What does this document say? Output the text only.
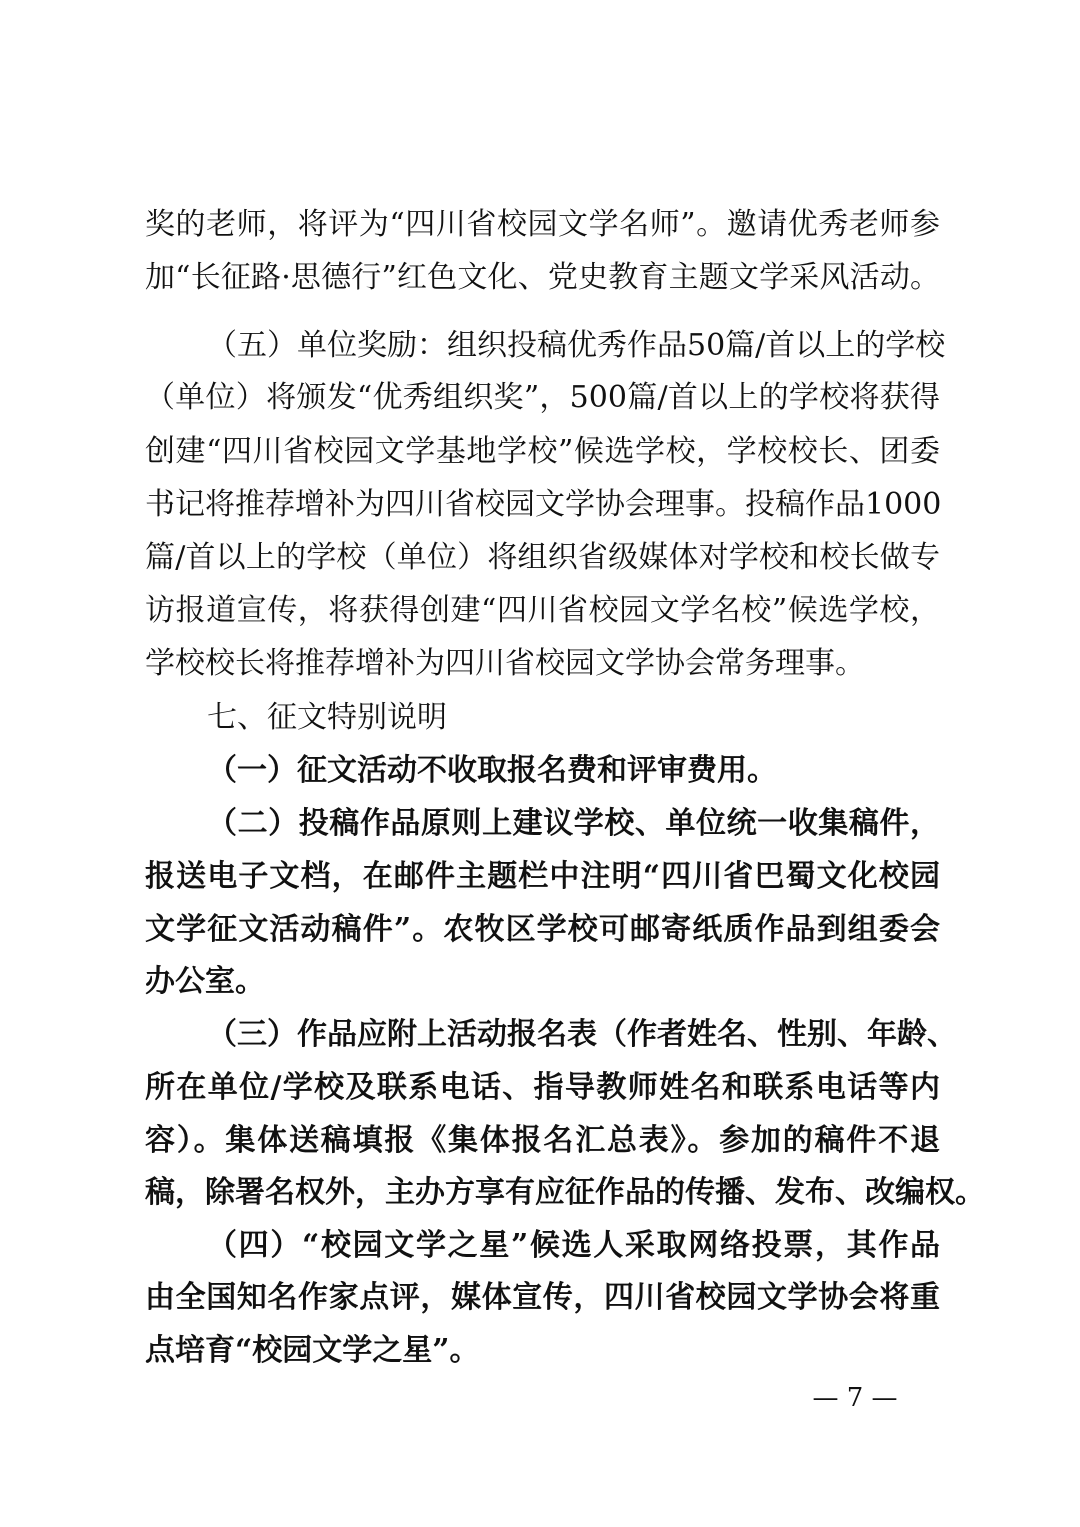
奖的老师，将评为“四川省校园文学名师”。邀请优秀老师参
加“长征路·思德行”红色文化、党史教育主题文学采风活动。
（五）单位奖励：组织投稿优秀作品50篇/首以上的学校
（单位）将颁发“优秀组织奖”，500篇/首以上的学校将获得
创建“四川省校园文学基地学校”候选学校，学校校长、团委
书记将推荐增补为四川省校园文学协会理事。投稿作品1000
篇/首以上的学校（单位）将组织省级媒体对学校和校长做专
访报道宣传，将获得创建“四川省校园文学名校”候选学校，
学校校长将推荐增补为四川省校园文学协会常务理事。
七、征文特别说明
（一）征文活动不收取报名费和评审费用。
（二）投稿作品原则上建议学校、单位统一收集稿件，
报送电子文档，在邮件主题栏中注明“四川省巴蜀文化校园
文学征文活动稿件”。农牧区学校可邮寄纸质作品到组委会
办公室。
（三）作品应附上活动报名表（作者姓名、性别、年龄、
所在单位/学校及联系电话、指导教师姓名和联系电话等内
容）。集体送稿填报《集体报名汇总表》。参加的稿件不退
稿，除署名权外，主办方享有应征作品的传播、发布、改编权。
（四）“校园文学之星”候选人采取网络投票，其作品
由全国知名作家点评，媒体宣传，四川省校园文学协会将重
点培育“校园文学之星”。
— 7 —
